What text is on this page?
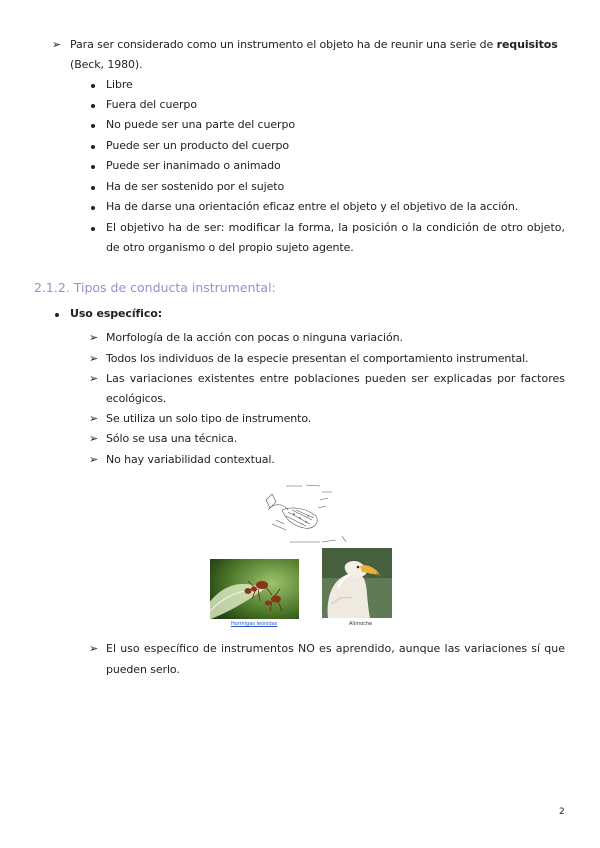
➢ Para ser considerado como un instrumento el objeto ha de reunir una serie de requisitos
(Beck, 1980).
Libre
Fuera del cuerpo
No puede ser una parte del cuerpo
Puede ser un producto del cuerpo
Puede ser inanimado o animado
Ha de ser sostenido por el sujeto
Ha de darse una orientación eficaz entre el objeto y el objetivo de la acción.
El objetivo ha de ser: modificar la forma, la posición o la condición de otro objeto,
de otro organismo o del propio sujeto agente.
2.1.2. Tipos de conducta instrumental:
Uso específico:
➢ Morfología de la acción con pocas o ninguna variación.
➢ Todos los individuos de la especie presentan el comportamiento instrumental.
➢ Las variaciones existentes entre poblaciones pueden ser explicadas por factores
ecológicos.
➢ Se utiliza un solo tipo de instrumento.
➢ Sólo se usa una técnica.
➢ No hay variabilidad contextual.
Hormigas leónidas	Alimoche
➢ El uso específico de instrumentos NO es aprendido, aunque las variaciones sí que
pueden serlo.
2
